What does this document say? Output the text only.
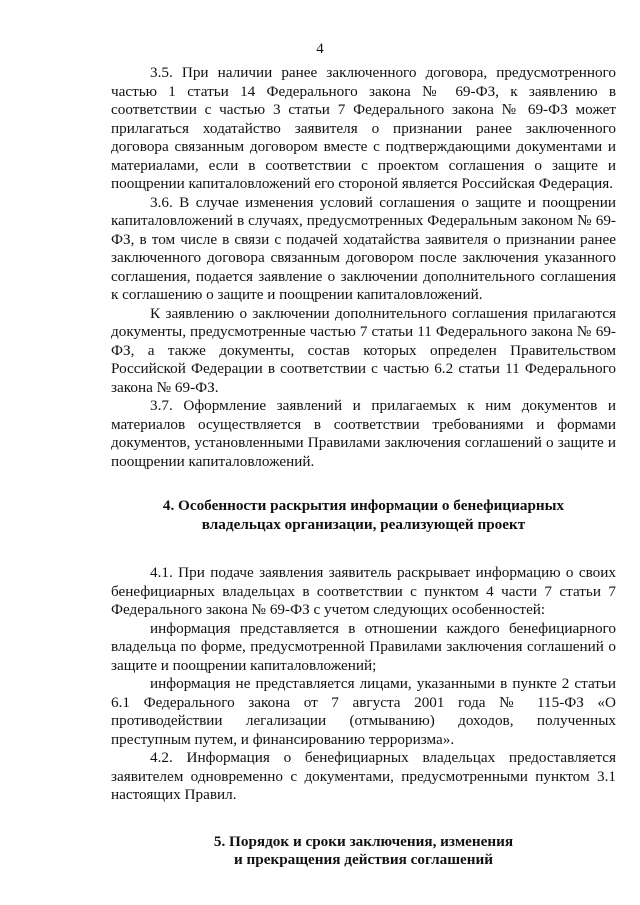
4

3.5. При наличии ранее заключенного договора, предусмотренного частью 1 статьи 14 Федерального закона № 69-ФЗ, к заявлению в соответствии с частью 3 статьи 7 Федерального закона № 69-ФЗ может прилагаться ходатайство заявителя о признании ранее заключенного договора связанным договором вместе с подтверждающими документами и материалами, если в соответствии с проектом соглашения о защите и поощрении капиталовложений его стороной является Российская Федерация.

3.6. В случае изменения условий соглашения о защите и поощрении капиталовложений в случаях, предусмотренных Федеральным законом № 69-ФЗ, в том числе в связи с подачей ходатайства заявителя о признании ранее заключенного договора связанным договором после заключения указанного соглашения, подается заявление о заключении дополнительного соглашения к соглашению о защите и поощрении капиталовложений.

К заявлению о заключении дополнительного соглашения прилагаются документы, предусмотренные частью 7 статьи 11 Федерального закона № 69-ФЗ, а также документы, состав которых определен Правительством Российской Федерации в соответствии с частью 6.2 статьи 11 Федерального закона № 69-ФЗ.

3.7. Оформление заявлений и прилагаемых к ним документов и материалов осуществляется в соответствии требованиями и формами документов, установленными Правилами заключения соглашений о защите и поощрении капиталовложений.

4. Особенности раскрытия информации о бенефициарных
владельцах организации, реализующей проект

4.1. При подаче заявления заявитель раскрывает информацию о своих бенефициарных владельцах в соответствии с пунктом 4 части 7 статьи 7 Федерального закона № 69-ФЗ с учетом следующих особенностей:

информация представляется в отношении каждого бенефициарного владельца по форме, предусмотренной Правилами заключения соглашений о защите и поощрении капиталовложений;

информация не представляется лицами, указанными в пункте 2 статьи 6.1 Федерального закона от 7 августа 2001 года № 115-ФЗ «О противодействии легализации (отмыванию) доходов, полученных преступным путем, и финансированию терроризма».

4.2. Информация о бенефициарных владельцах предоставляется заявителем одновременно с документами, предусмотренными пунктом 3.1 настоящих Правил.

5. Порядок и сроки заключения, изменения
и прекращения действия соглашений
